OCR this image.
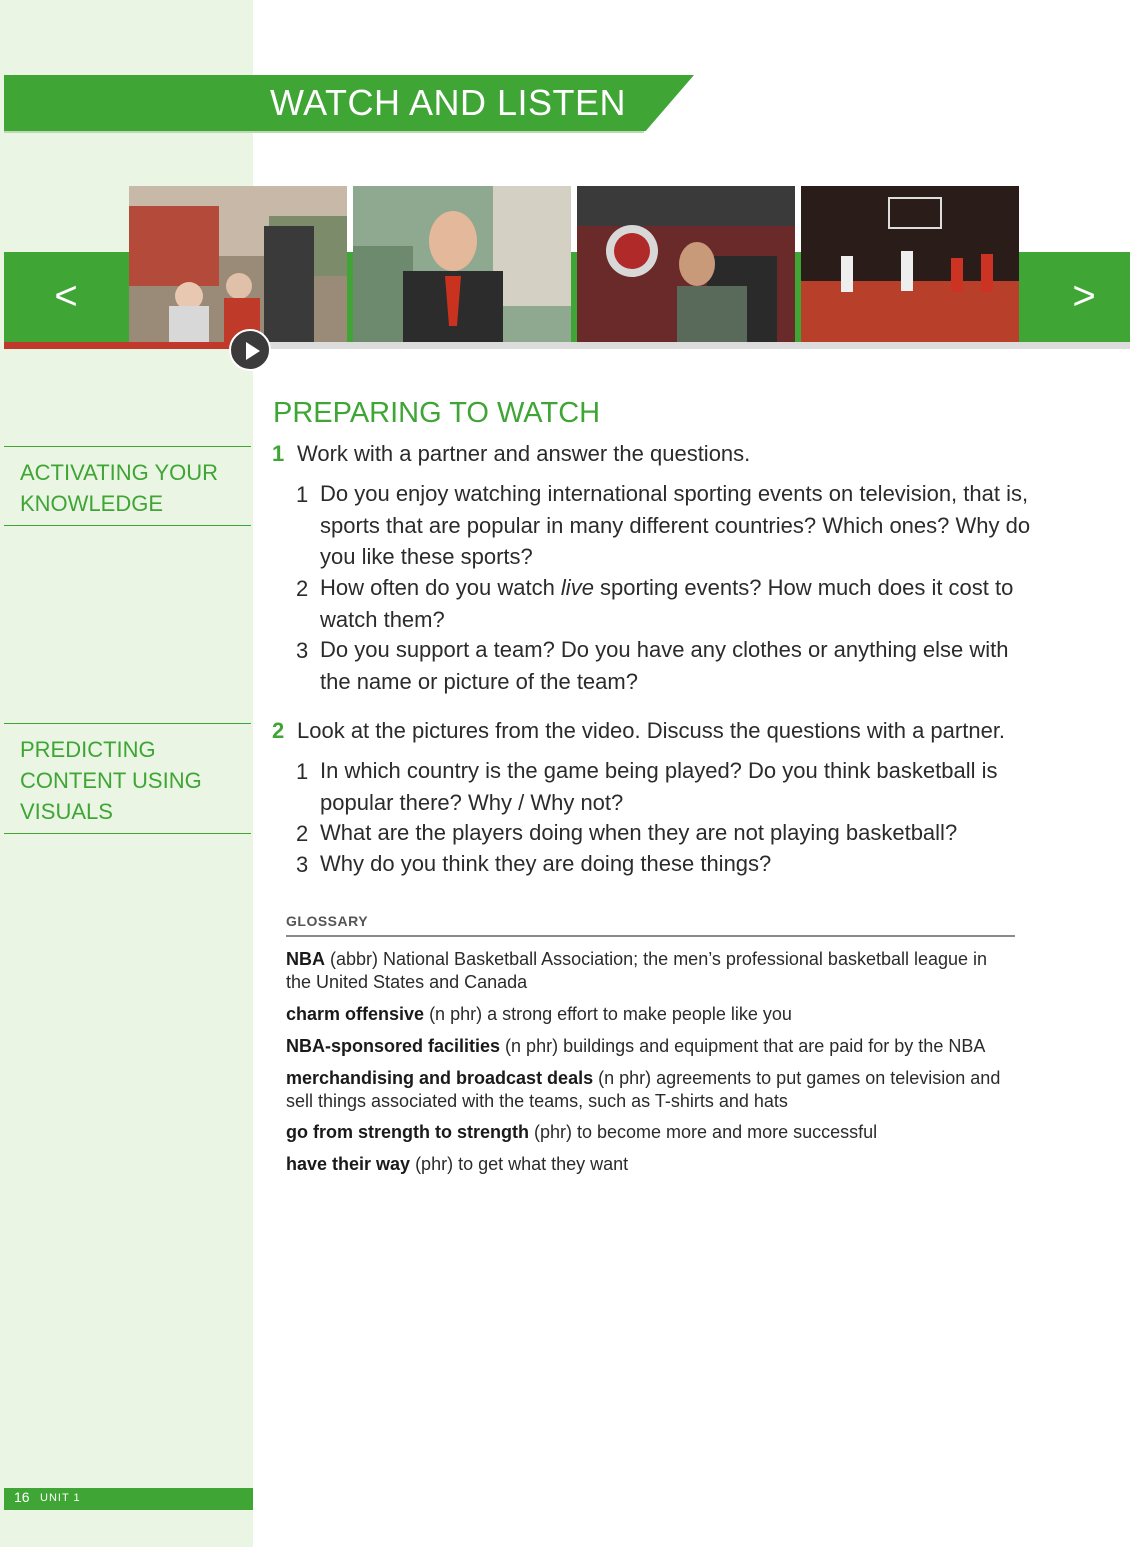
WATCH AND LISTEN
<	>
PREPARING TO WATCH
ACTIVATING YOUR
KNOWLEDGE
PREDICTING
CONTENT USING
VISUALS
1 Work with a partner and answer the questions.
1 Do you enjoy watching international sporting events on television, that is, sports that are popular in many different countries? Which ones? Why do you like these sports?
2 How often do you watch live sporting events? How much does it cost to watch them?
3 Do you support a team? Do you have any clothes or anything else with the name or picture of the team?
2 Look at the pictures from the video. Discuss the questions with a partner.
1 In which country is the game being played? Do you think basketball is popular there? Why / Why not?
2 What are the players doing when they are not playing basketball?
3 Why do you think they are doing these things?
GLOSSARY
NBA (abbr) National Basketball Association; the men’s professional basketball league in the United States and Canada
charm offensive (n phr) a strong effort to make people like you
NBA-sponsored facilities (n phr) buildings and equipment that are paid for by the NBA
merchandising and broadcast deals (n phr) agreements to put games on television and sell things associated with the teams, such as T-shirts and hats
go from strength to strength (phr) to become more and more successful
have their way (phr) to get what they want
16 UNIT 1
